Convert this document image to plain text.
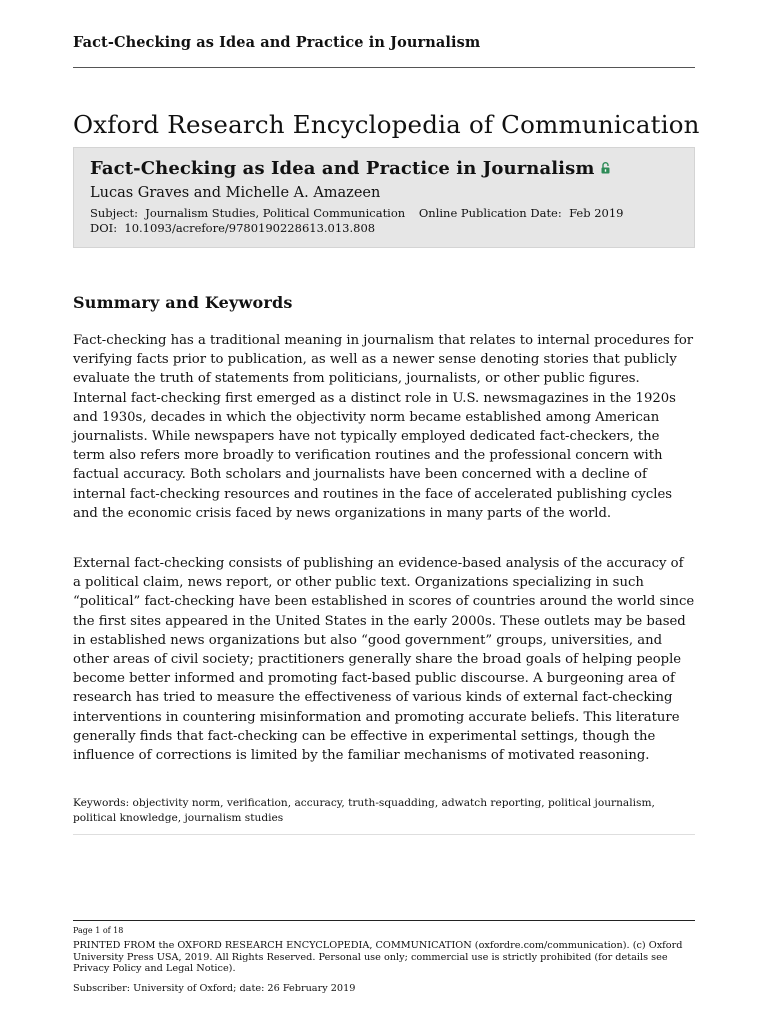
Fact-Checking as Idea and Practice in Journalism
Oxford Research Encyclopedia of Communication
Fact-Checking as Idea and Practice in Journalism
Lucas Graves and Michelle A. Amazeen
Subject: Journalism Studies, Political Communication Online Publication Date: Feb 2019
DOI: 10.1093/acrefore/9780190228613.013.808
Summary and Keywords

Fact-checking has a traditional meaning in journalism that relates to internal procedures for verifying facts prior to publication, as well as a newer sense denoting stories that publicly evaluate the truth of statements from politicians, journalists, or other public figures. Internal fact-checking first emerged as a distinct role in U.S. newsmagazines in the 1920s and 1930s, decades in which the objectivity norm became established among American journalists. While newspapers have not typically employed dedicated fact-checkers, the term also refers more broadly to verification routines and the professional concern with factual accuracy. Both scholars and journalists have been concerned with a decline of internal fact-checking resources and routines in the face of accelerated publishing cycles and the economic crisis faced by news organizations in many parts of the world.

External fact-checking consists of publishing an evidence-based analysis of the accuracy of a political claim, news report, or other public text. Organizations specializing in such “political” fact-checking have been established in scores of countries around the world since the first sites appeared in the United States in the early 2000s. These outlets may be based in established news organizations but also “good government” groups, universities, and other areas of civil society; practitioners generally share the broad goals of helping people become better informed and promoting fact-based public discourse. A burgeoning area of research has tried to measure the effectiveness of various kinds of external fact-checking interventions in countering misinformation and promoting accurate beliefs. This literature generally finds that fact-checking can be effective in experimental settings, though the influence of corrections is limited by the familiar mechanisms of motivated reasoning.

Keywords: objectivity norm, verification, accuracy, truth-squadding, adwatch reporting, political journalism, political knowledge, journalism studies

Page 1 of 18

PRINTED FROM the OXFORD RESEARCH ENCYCLOPEDIA, COMMUNICATION (oxfordre.com/communication). (c) Oxford University Press USA, 2019. All Rights Reserved. Personal use only; commercial use is strictly prohibited (for details see Privacy Policy and Legal Notice).

Subscriber: University of Oxford; date: 26 February 2019
